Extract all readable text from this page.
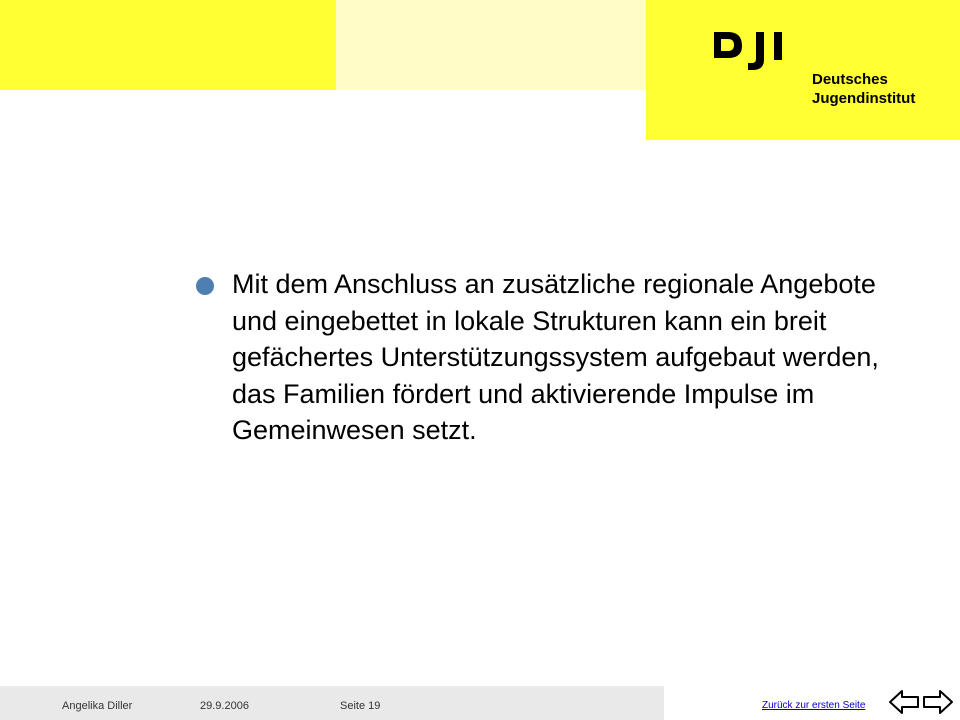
Deutsches
Jugendinstitut
Mit dem Anschluss an zusätzliche regionale Angebote und eingebettet in lokale Strukturen kann ein breit gefächertes Unterstützungssystem aufgebaut werden, das Familien fördert und aktivierende Impulse im Gemeinwesen setzt.
Angelika Diller	29.9.2006	Seite 19	Zurück zur ersten Seite
